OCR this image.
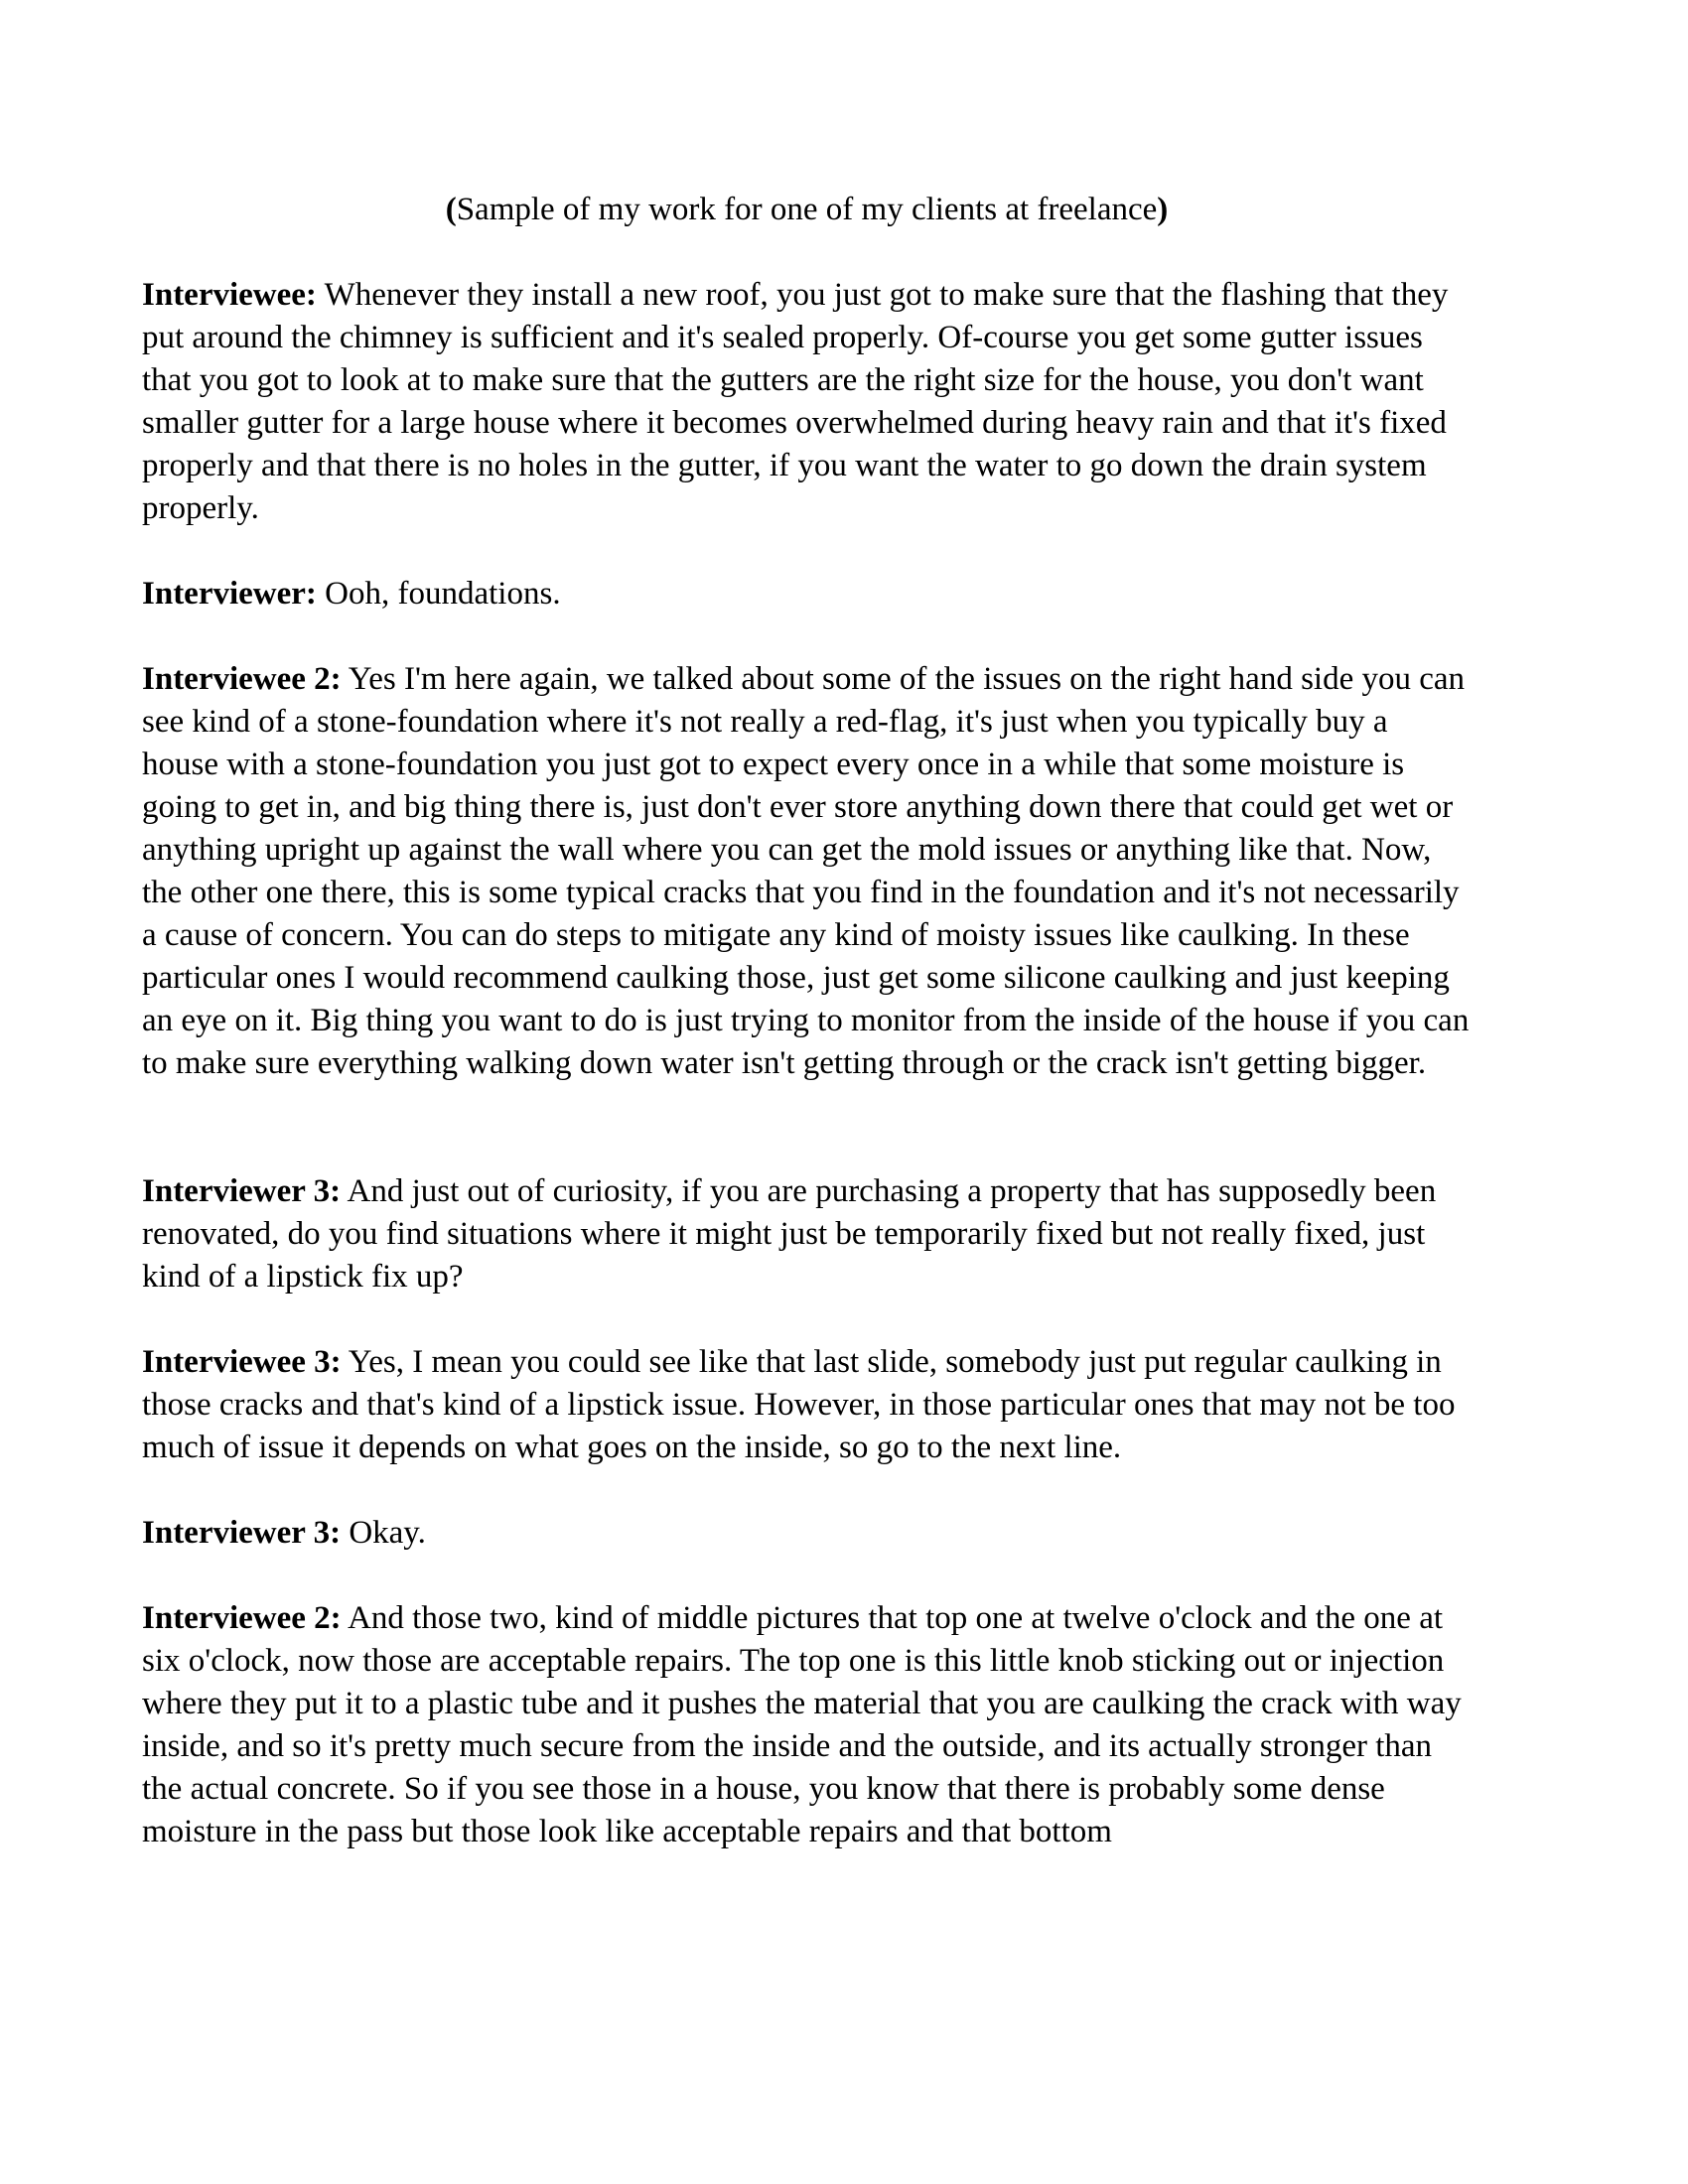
(Sample of my work for one of my clients at freelance)

Interviewee: Whenever they install a new roof, you just got to make sure that the flashing that they put around the chimney is sufficient and it's sealed properly. Of-course you get some gutter issues that you got to look at to make sure that the gutters are the right size for the house, you don't want smaller gutter for a large house where it becomes overwhelmed during heavy rain and that it's fixed properly and that there is no holes in the gutter, if you want the water to go down the drain system properly.

Interviewer: Ooh, foundations.

Interviewee 2: Yes I'm here again, we talked about some of the issues on the right hand side you can see kind of a stone-foundation where it's not really a red-flag, it's just when you typically buy a house with a stone-foundation you just got to expect every once in a while that some moisture is going to get in, and big thing there is, just don't ever store anything down there that could get wet or anything upright up against the wall where you can get the mold issues or anything like that. Now, the other one there, this is some typical cracks that you find in the foundation and it's not necessarily a cause of concern. You can do steps to mitigate any kind of moisty issues like caulking. In these particular ones I would recommend caulking those, just get some silicone caulking and just keeping an eye on it. Big thing you want to do is just trying to monitor from the inside of the house if you can to make sure everything walking down water isn't getting through or the crack isn't getting bigger.

Interviewer 3: And just out of curiosity, if you are purchasing a property that has supposedly been renovated, do you find situations where it might just be temporarily fixed but not really fixed, just kind of a lipstick fix up?

Interviewee 3: Yes, I mean you could see like that last slide, somebody just put regular caulking in those cracks and that's kind of a lipstick issue. However, in those particular ones that may not be too much of issue it depends on what goes on the inside, so go to the next line.

Interviewer 3: Okay.

Interviewee 2: And those two, kind of middle pictures that top one at twelve o'clock and the one at six o'clock, now those are acceptable repairs. The top one is this little knob sticking out or injection where they put it to a plastic tube and it pushes the material that you are caulking the crack with way inside, and so it's pretty much secure from the inside and the outside, and its actually stronger than the actual concrete. So if you see those in a house, you know that there is probably some dense moisture in the pass but those look like acceptable repairs and that bottom
